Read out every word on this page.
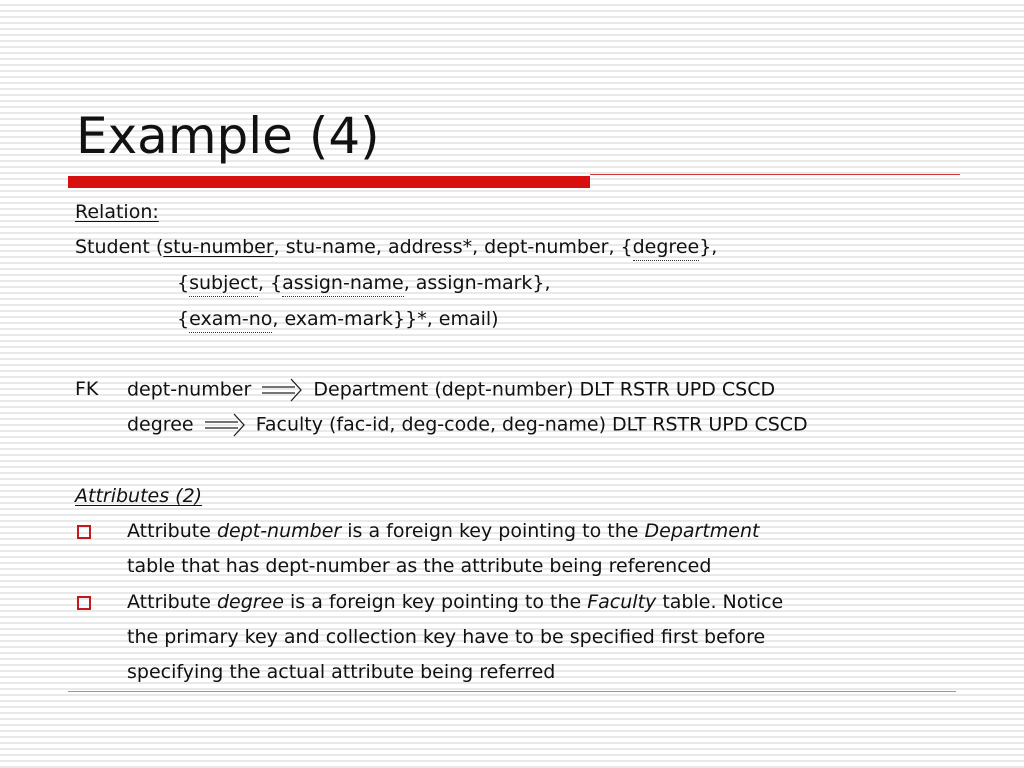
Example (4)
Relation:
Student (stu-number, stu-name, address*, dept-number, {degree},
{subject, {assign-name, assign-mark},
{exam-no, exam-mark}}*, email)
FK dept-number	Department (dept-number) DLT RSTR UPD CSCD
degree	Faculty (fac-id, deg-code, deg-name) DLT RSTR UPD CSCD
Attributes (2)
Attribute dept-number is a foreign key pointing to the Department
table that has dept-number as the attribute being referenced
Attribute degree is a foreign key pointing to the Faculty table. Notice
the primary key and collection key have to be specified first before
specifying the actual attribute being referred
